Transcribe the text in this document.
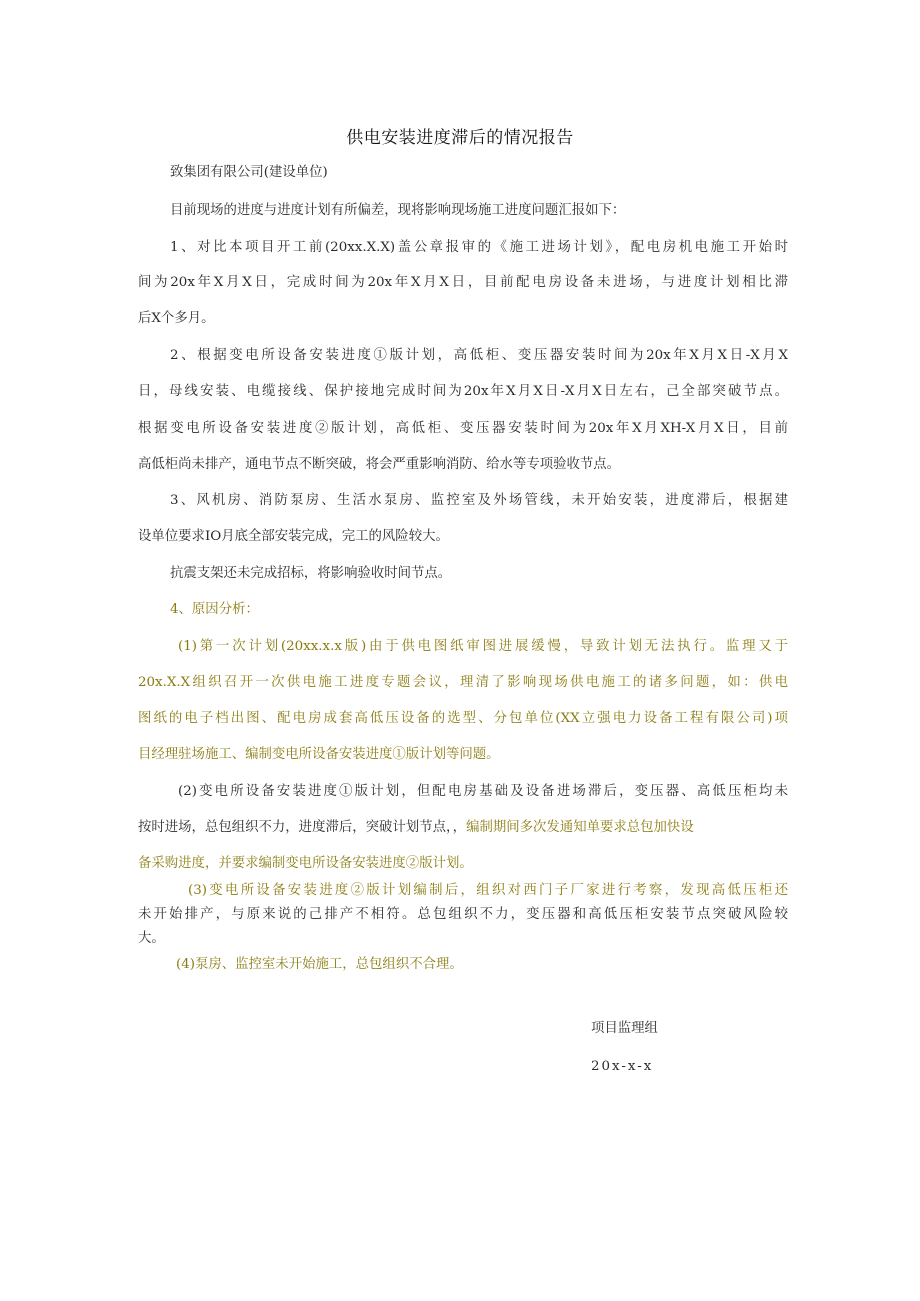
供电安装进度滞后的情况报告
致集团有限公司(建设单位)
目前现场的进度与进度计划有所偏差，现将影响现场施工进度问题汇报如下：
1、对比本项目开工前(20xx.X.X)盖公章报审的《施工进场计划》，配电房机电施工开始时
间为20x年X月X日，完成时间为20x年X月X日，目前配电房设备未进场，与进度计划相比滞
后X个多月。
2、根据变电所设备安装进度①版计划，高低柜、变压器安装时间为20x年X月X日-X月X
日，母线安装、电缆接线、保护接地完成时间为20x年X月X日-X月X日左右，己全部突破节点。
根据变电所设备安装进度②版计划，高低柜、变压器安装时间为20x年X月XH-X月X日，目前
高低柜尚未排产，通电节点不断突破，将会严重影响消防、给水等专项验收节点。
3、风机房、消防泵房、生活水泵房、监控室及外场管线，未开始安装，进度滞后，根据建
设单位要求IO月底全部安装完成，完工的风险较大。
抗震支架还未完成招标，将影响验收时间节点。
4、原因分析：
(1)第一次计划(20xx.x.x版)由于供电图纸审图进展缓慢，导致计划无法执行。监理又于
20x.X.X组织召开一次供电施工进度专题会议，理清了影响现场供电施工的诸多问题，如：供电
图纸的电子档出图、配电房成套高低压设备的选型、分包单位(XX立强电力设备工程有限公司)项
目经理驻场施工、编制变电所设备安装进度①版计划等问题。
(2)变电所设备安装进度①版计划，但配电房基础及设备进场滞后，变压器、高低压柜均未
按时进场，总包组织不力，进度滞后，突破计划节点，，编制期间多次发通知单要求总包加快设
备采购进度，并要求编制变电所设备安装进度②版计划。
(3)变电所设备安装进度②版计划编制后，组织对西门子厂家进行考察，发现高低压柜还
未开始排产，与原来说的己排产不相符。总包组织不力，变压器和高低压柜安装节点突破风险较
大。
(4)泵房、监控室未开始施工，总包组织不合理。
项目监理组
20x-x-x
